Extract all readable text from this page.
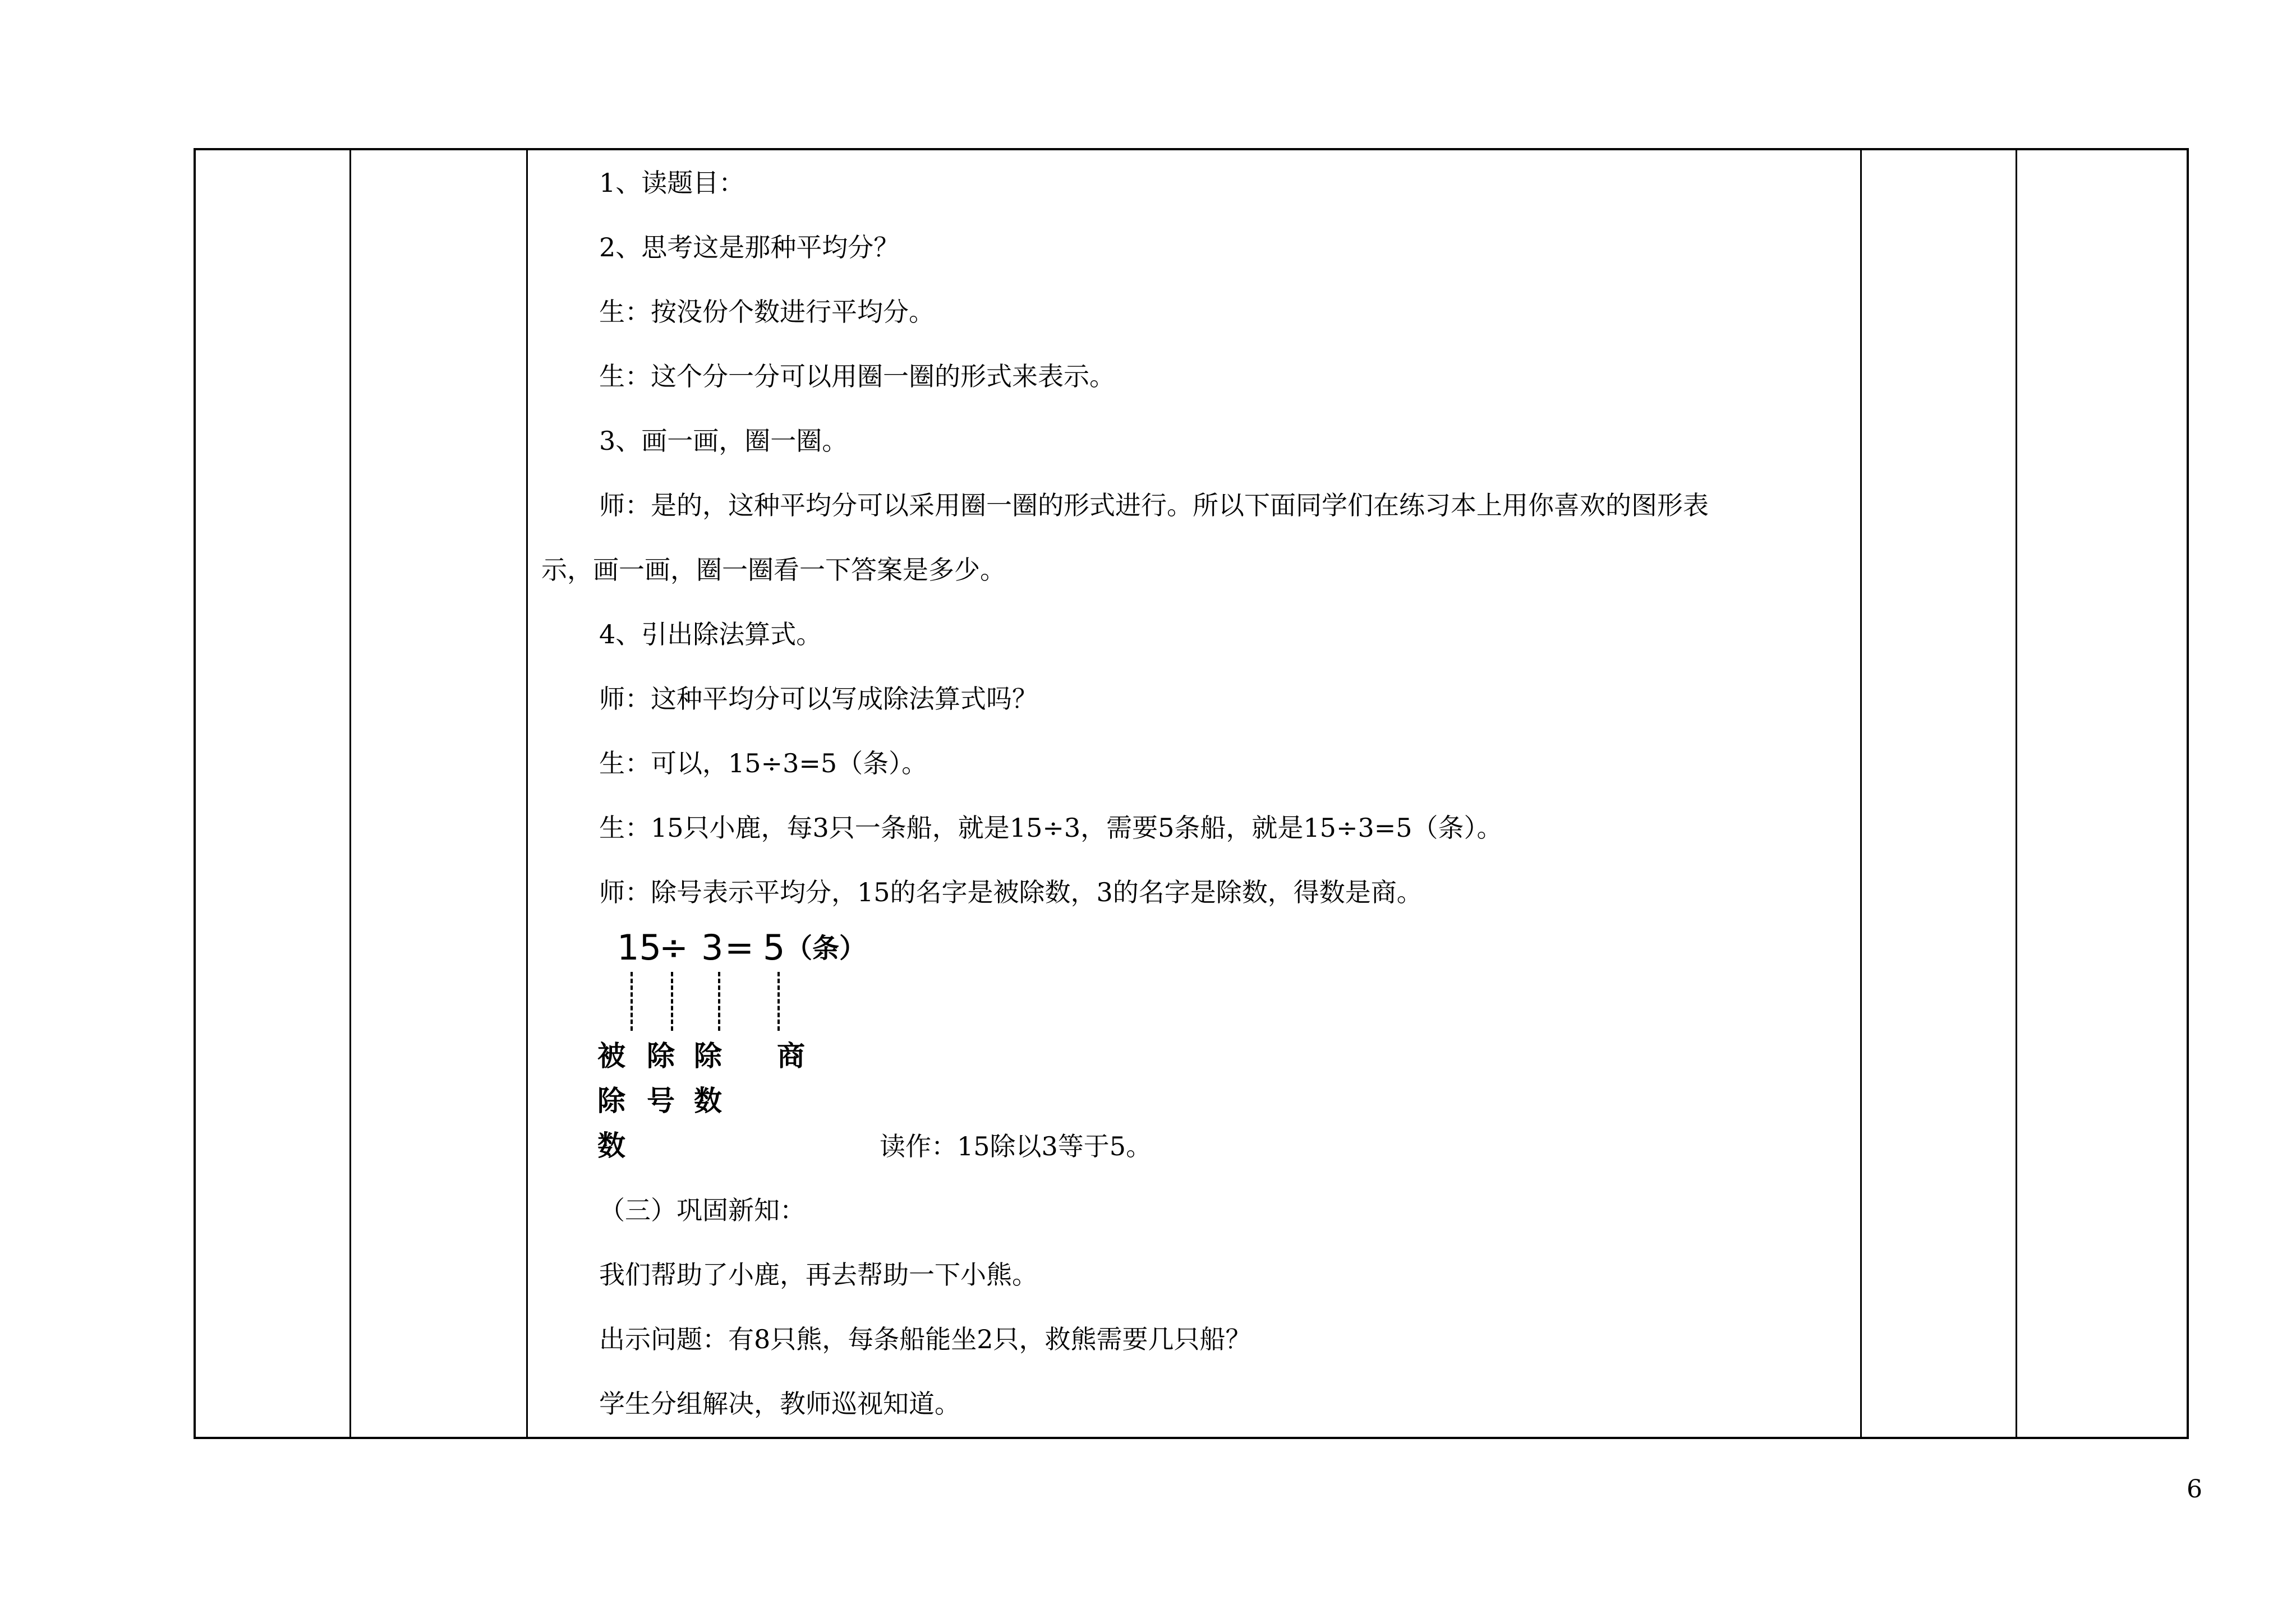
1、读题目：
2、思考这是那种平均分？
生：按没份个数进行平均分。
生：这个分一分可以用圈一圈的形式来表示。
3、画一画，圈一圈。
师：是的，这种平均分可以采用圈一圈的形式进行。所以下面同学们在练习本上用你喜欢的图形表
示，画一画，圈一圈看一下答案是多少。
4、引出除法算式。
师：这种平均分可以写成除法算式吗？
生：可以，15÷3=5（条）。
生：15只小鹿，每3只一条船，就是15÷3，需要5条船，就是15÷3=5（条）。
师：除号表示平均分，15的名字是被除数，3的名字是除数，得数是商。
15
÷ 3 = 5 （条）
被
除
数
除
号
除
数
商
读作：15除以3等于5。
（三）巩固新知：
我们帮助了小鹿，再去帮助一下小熊。
出示问题：有8只熊，每条船能坐2只，救熊需要几只船？
学生分组解决，教师巡视知道。
6
